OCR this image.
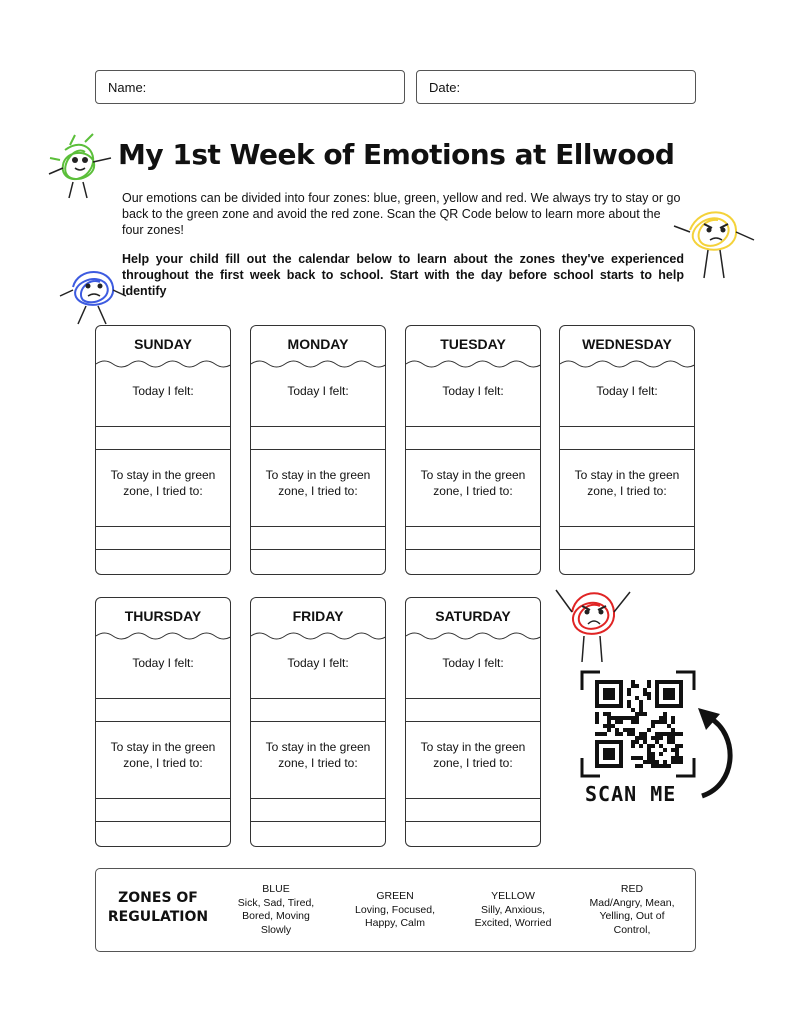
Name:	Date:
My 1st Week of Emotions at Ellwood
Our emotions can be divided into four zones: blue, green, yellow and red. We always try to stay or go back to the green zone and avoid the red zone. Scan the QR Code below to learn more about the four zones!
Help your child fill out the calendar below to learn about the zones they've experienced throughout the first week back to school. Start with the day before school starts to help identify
SUNDAY
Today I felt:
To stay in the green zone, I tried to:
MONDAY
Today I felt:
To stay in the green zone, I tried to:
TUESDAY
Today I felt:
To stay in the green zone, I tried to:
WEDNESDAY
Today I felt:
To stay in the green zone, I tried to:
THURSDAY
Today I felt:
To stay in the green zone, I tried to:
FRIDAY
Today I felt:
To stay in the green zone, I tried to:
SATURDAY
Today I felt:
To stay in the green zone, I tried to:
SCAN ME
ZONES OF REGULATION
BLUE
Sick, Sad, Tired, Bored, Moving Slowly
GREEN
Loving, Focused, Happy, Calm
YELLOW
Silly, Anxious, Excited, Worried
RED
Mad/Angry, Mean, Yelling, Out of Control,
